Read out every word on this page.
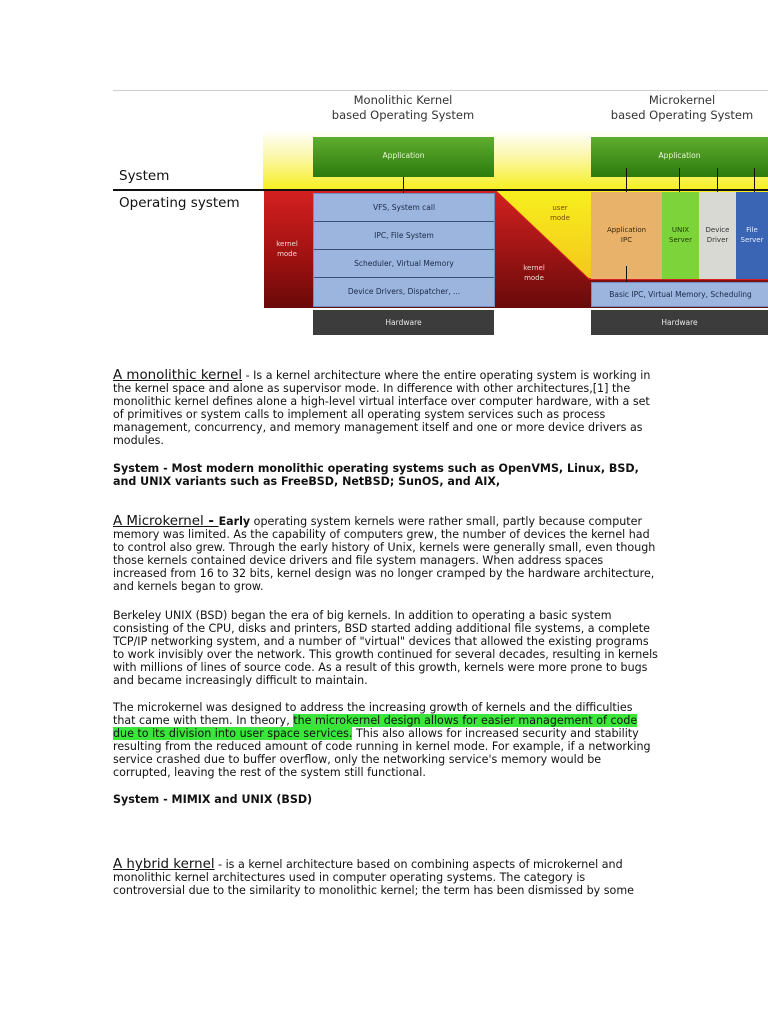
Monolithic Kernel
based Operating System
Microkernel
based Operating System
System
Operating system
kernel
mode
Application
VFS, System call
IPC, File System
Scheduler, Virtual Memory
Device Drivers, Dispatcher, ...
Hardware
user
mode
kernel
mode
Application
Application
IPC
UNIX
Server
Device
Driver
File
Server
Basic IPC, Virtual Memory, Scheduling
Hardware
A monolithic kernel - Is a kernel architecture where the entire operating system is working in the kernel space and alone as supervisor mode. In difference with other architectures,[1] the monolithic kernel defines alone a high-level virtual interface over computer hardware, with a set of primitives or system calls to implement all operating system services such as process management, concurrency, and memory management itself and one or more device drivers as modules.
System - Most modern monolithic operating systems such as OpenVMS, Linux, BSD, and UNIX variants such as FreeBSD, NetBSD; SunOS, and AIX,
A Microkernel - Early operating system kernels were rather small, partly because computer memory was limited. As the capability of computers grew, the number of devices the kernel had to control also grew. Through the early history of Unix, kernels were generally small, even though those kernels contained device drivers and file system managers. When address spaces increased from 16 to 32 bits, kernel design was no longer cramped by the hardware architecture, and kernels began to grow.
Berkeley UNIX (BSD) began the era of big kernels. In addition to operating a basic system consisting of the CPU, disks and printers, BSD started adding additional file systems, a complete TCP/IP networking system, and a number of "virtual" devices that allowed the existing programs to work invisibly over the network. This growth continued for several decades, resulting in kernels with millions of lines of source code. As a result of this growth, kernels were more prone to bugs and became increasingly difficult to maintain.
The microkernel was designed to address the increasing growth of kernels and the difficulties that came with them. In theory, the microkernel design allows for easier management of code due to its division into user space services. This also allows for increased security and stability resulting from the reduced amount of code running in kernel mode. For example, if a networking service crashed due to buffer overflow, only the networking service's memory would be corrupted, leaving the rest of the system still functional.
System - MIMIX and UNIX (BSD)
A hybrid kernel - is a kernel architecture based on combining aspects of microkernel and monolithic kernel architectures used in computer operating systems. The category is controversial due to the similarity to monolithic kernel; the term has been dismissed by some
